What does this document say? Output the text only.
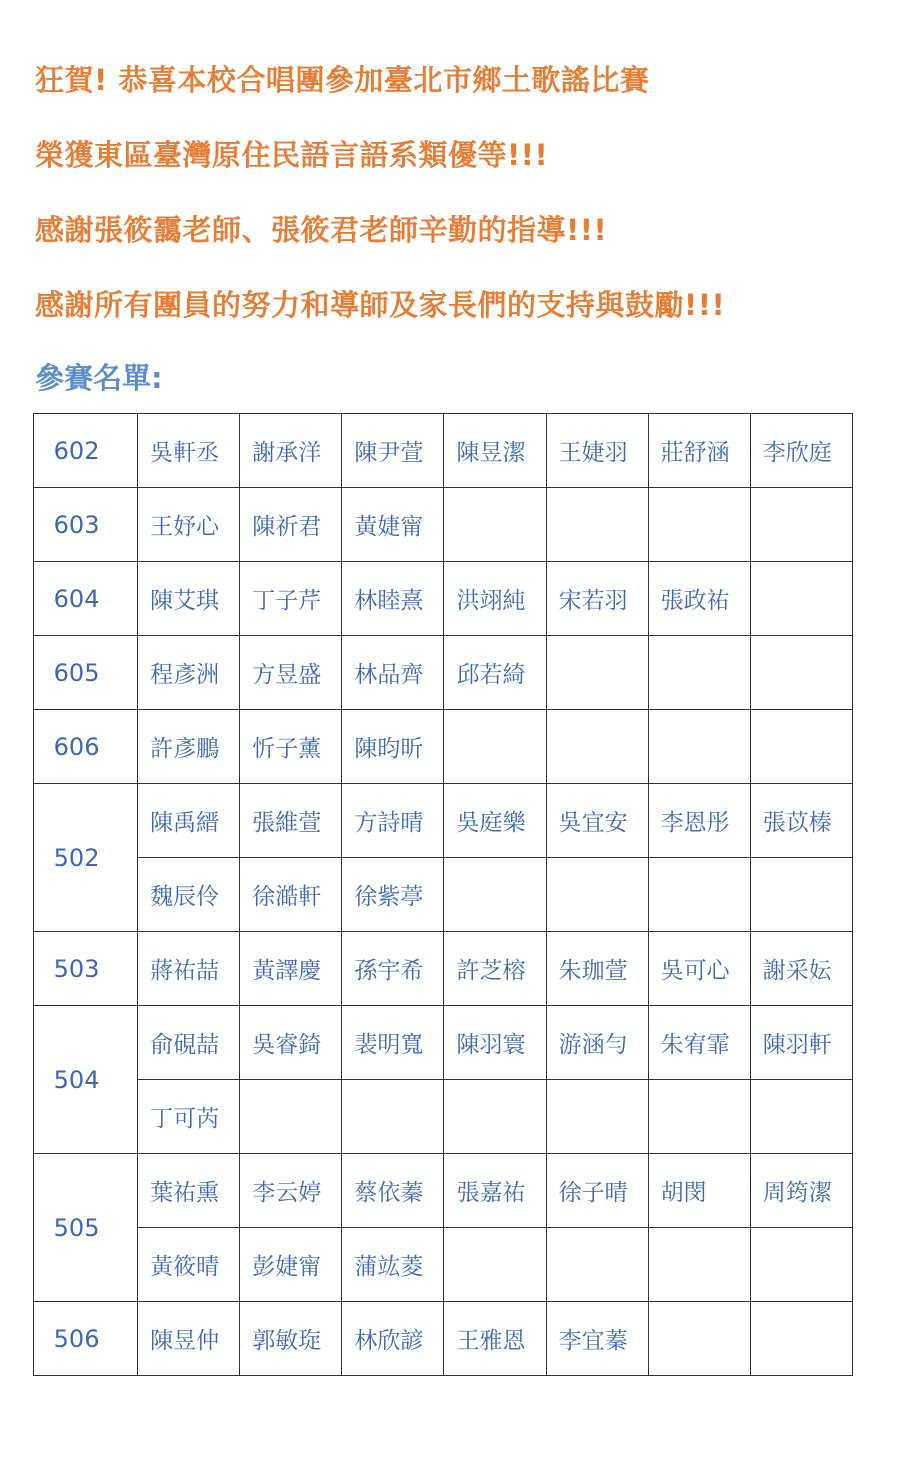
狂賀! 恭喜本校合唱團參加臺北市鄉土歌謠比賽

榮獲東區臺灣原住民語言語系類優等!!!

感謝張筱靄老師、張筱君老師辛勤的指導!!!

感謝所有團員的努力和導師及家長們的支持與鼓勵!!!

參賽名單:

602	吳軒丞	謝承洋	陳尹萱	陳昱潔	王婕羽	莊舒涵	李欣庭
603	王妤心	陳祈君	黃婕甯				
604	陳艾琪	丁子芹	林睦熹	洪翊純	宋若羽	張政祐	
605	程彥洲	方昱盛	林品齊	邱若綺			
606	許彥鵬	忻子薰	陳昀昕				
502	陳禹縉	張維萱	方詩晴	吳庭樂	吳宜安	李恩彤	張苡榛
	魏辰伶	徐澔軒	徐紫葶				
503	蔣祐喆	黃譯慶	孫宇希	許芝榕	朱珈萱	吳可心	謝采妘
504	俞硯喆	吳睿錡	裴明寬	陳羽寰	游涵勻	朱宥霏	陳羽軒
	丁可芮						
505	葉祐熏	李云婷	蔡依蓁	張嘉祐	徐子晴	胡閔	周筠潔
	黃筱晴	彭婕甯	蒲竑菱				
506	陳昱仲	郭敏琁	林欣諺	王雅恩	李宜蓁		
